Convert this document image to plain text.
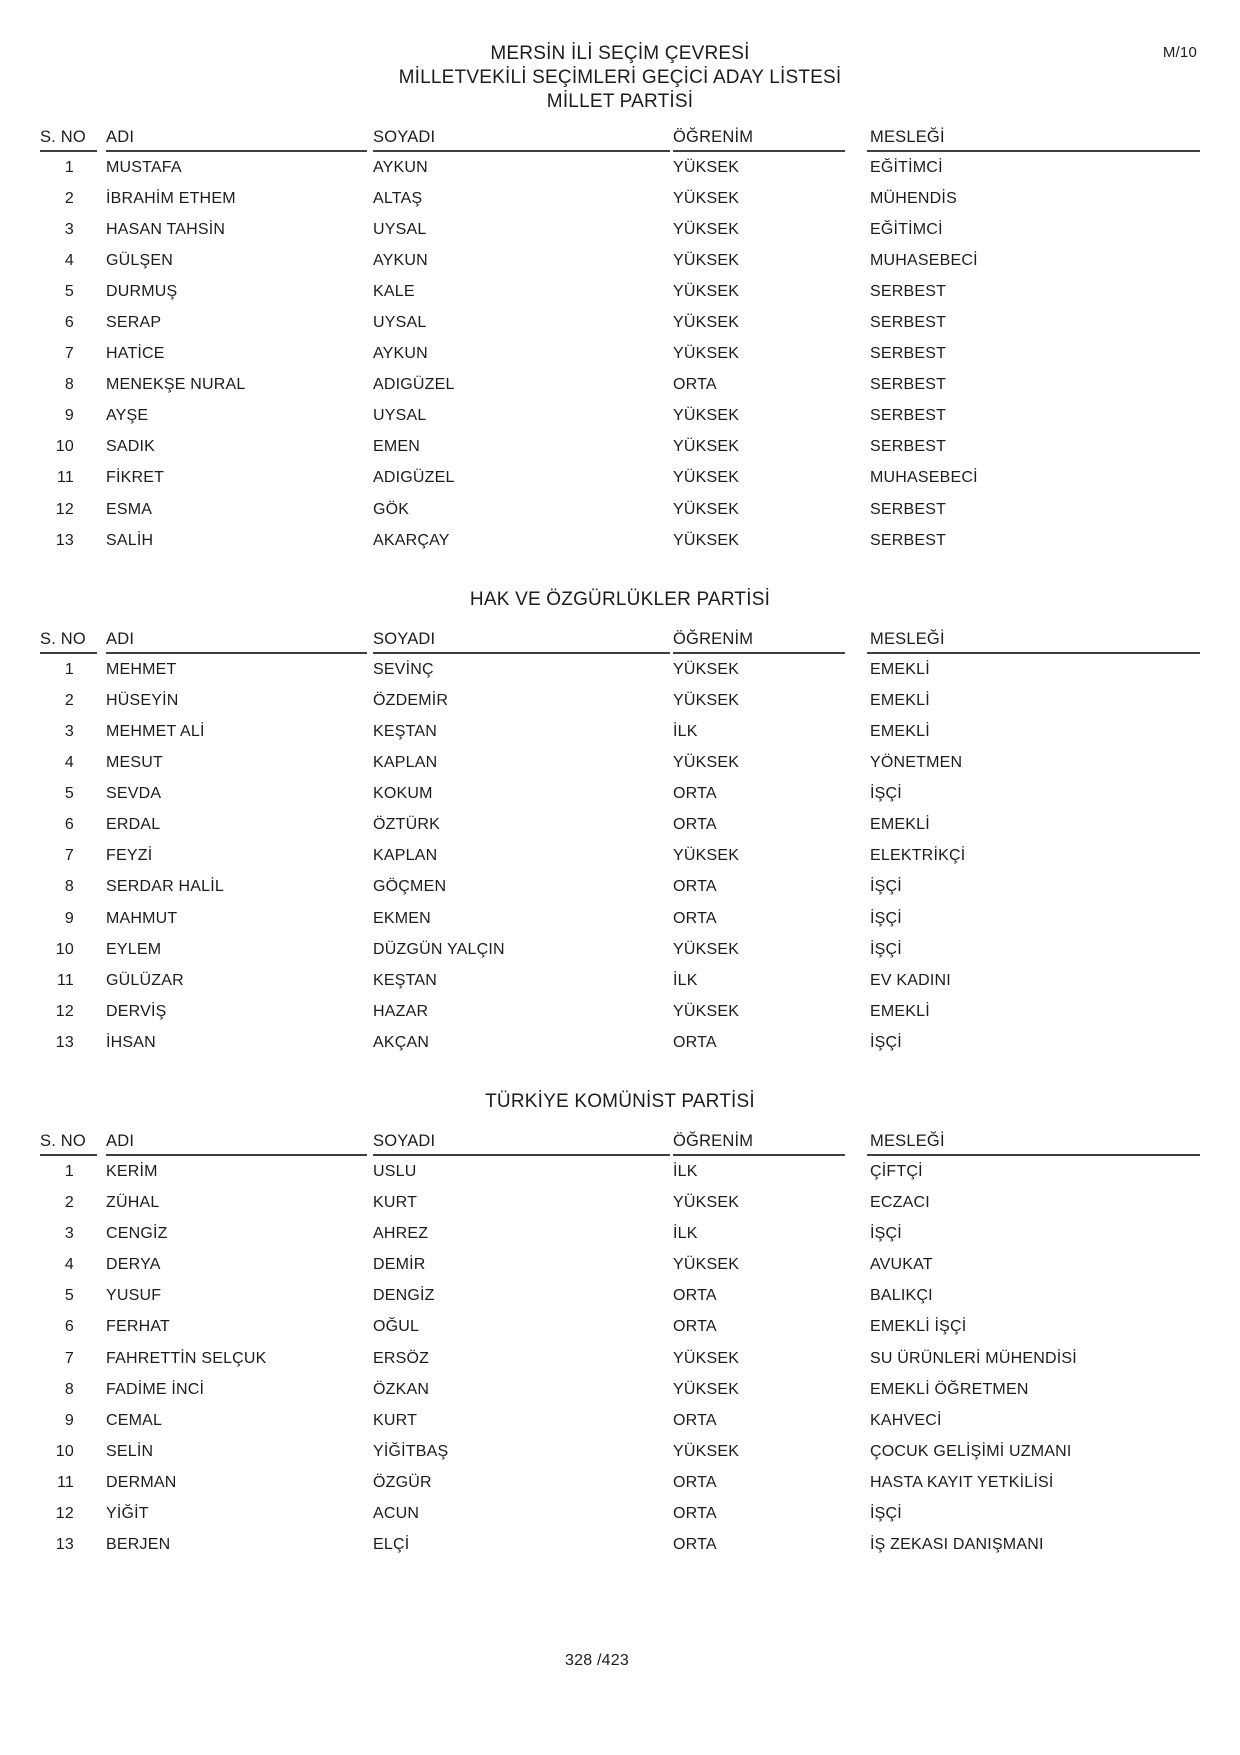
M/10
MERSİN İLİ SEÇİM ÇEVRESİ
MİLLETVEKİLİ SEÇİMLERİ GEÇİCİ ADAY LİSTESİ
MİLLET PARTİSİ
S. NO	ADI	SOYADI	ÖĞRENİM	MESLEĞİ
1	MUSTAFA	AYKUN	YÜKSEK	EĞİTİMCİ
2	İBRAHİM ETHEM	ALTAŞ	YÜKSEK	MÜHENDİS
3	HASAN TAHSİN	UYSAL	YÜKSEK	EĞİTİMCİ
4	GÜLŞEN	AYKUN	YÜKSEK	MUHASEBECİ
5	DURMUŞ	KALE	YÜKSEK	SERBEST
6	SERAP	UYSAL	YÜKSEK	SERBEST
7	HATİCE	AYKUN	YÜKSEK	SERBEST
8	MENEKŞE NURAL	ADIGÜZEL	ORTA	SERBEST
9	AYŞE	UYSAL	YÜKSEK	SERBEST
10	SADIK	EMEN	YÜKSEK	SERBEST
11	FİKRET	ADIGÜZEL	YÜKSEK	MUHASEBECİ
12	ESMA	GÖK	YÜKSEK	SERBEST
13	SALİH	AKARÇAY	YÜKSEK	SERBEST
HAK VE ÖZGÜRLÜKLER PARTİSİ
S. NO	ADI	SOYADI	ÖĞRENİM	MESLEĞİ
1	MEHMET	SEVİNÇ	YÜKSEK	EMEKLİ
2	HÜSEYİN	ÖZDEMİR	YÜKSEK	EMEKLİ
3	MEHMET ALİ	KEŞTAN	İLK	EMEKLİ
4	MESUT	KAPLAN	YÜKSEK	YÖNETMEN
5	SEVDA	KOKUM	ORTA	İŞÇİ
6	ERDAL	ÖZTÜRK	ORTA	EMEKLİ
7	FEYZİ	KAPLAN	YÜKSEK	ELEKTRİKÇİ
8	SERDAR HALİL	GÖÇMEN	ORTA	İŞÇİ
9	MAHMUT	EKMEN	ORTA	İŞÇİ
10	EYLEM	DÜZGÜN YALÇIN	YÜKSEK	İŞÇİ
11	GÜLÜZAR	KEŞTAN	İLK	EV KADINI
12	DERVİŞ	HAZAR	YÜKSEK	EMEKLİ
13	İHSAN	AKÇAN	ORTA	İŞÇİ
TÜRKİYE KOMÜNİST PARTİSİ
S. NO	ADI	SOYADI	ÖĞRENİM	MESLEĞİ
1	KERİM	USLU	İLK	ÇİFTÇİ
2	ZÜHAL	KURT	YÜKSEK	ECZACI
3	CENGİZ	AHREZ	İLK	İŞÇİ
4	DERYA	DEMİR	YÜKSEK	AVUKAT
5	YUSUF	DENGİZ	ORTA	BALIKÇI
6	FERHAT	OĞUL	ORTA	EMEKLİ İŞÇİ
7	FAHRETTİN SELÇUK	ERSÖZ	YÜKSEK	SU ÜRÜNLERİ MÜHENDİSİ
8	FADİME İNCİ	ÖZKAN	YÜKSEK	EMEKLİ ÖĞRETMEN
9	CEMAL	KURT	ORTA	KAHVECİ
10	SELİN	YİĞİTBAŞ	YÜKSEK	ÇOCUK GELİŞİMİ UZMANI
11	DERMAN	ÖZGÜR	ORTA	HASTA KAYIT YETKİLİSİ
12	YİĞİT	ACUN	ORTA	İŞÇİ
13	BERJEN	ELÇİ	ORTA	İŞ ZEKASI DANIŞMANI
328 /423
